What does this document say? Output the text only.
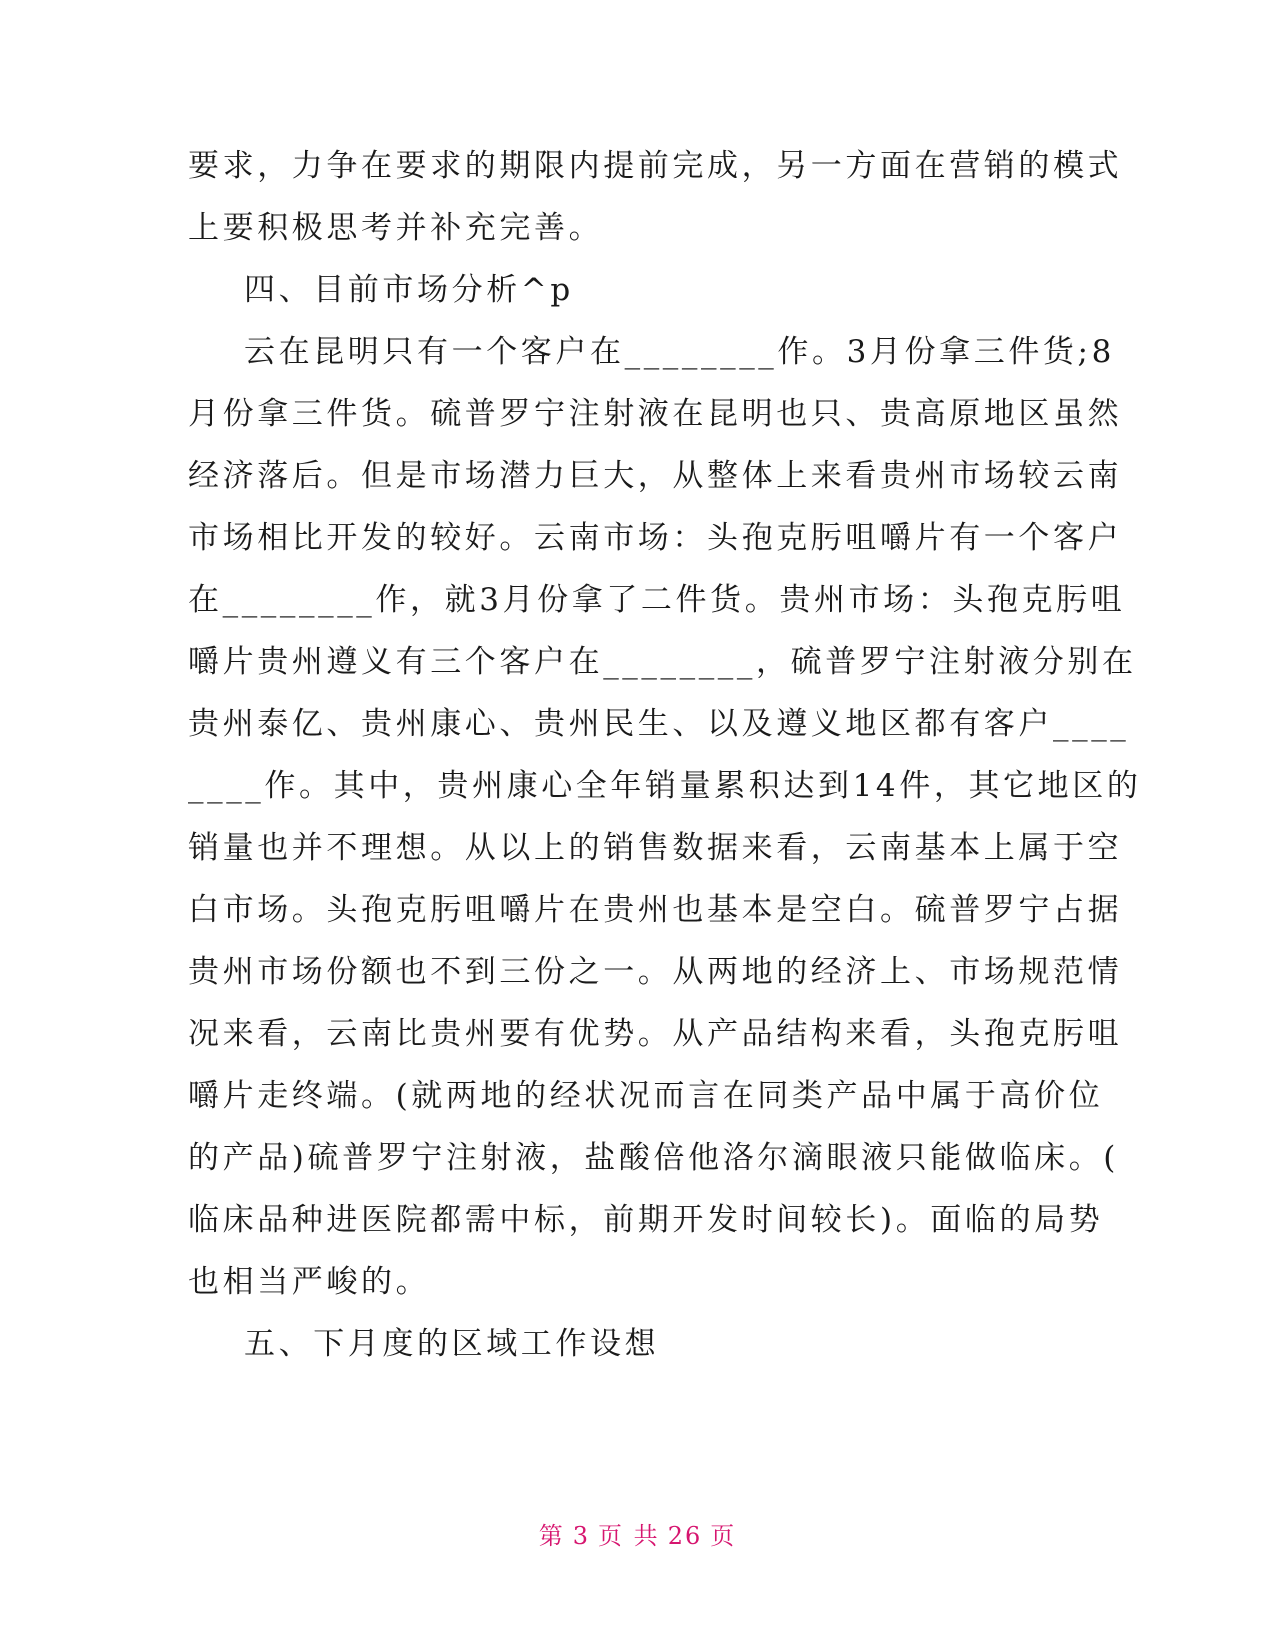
要求，力争在要求的期限内提前完成，另一方面在营销的模式
上要积极思考并补充完善。
四、目前市场分析^p
云在昆明只有一个客户在________作。3月份拿三件货;8
月份拿三件货。硫普罗宁注射液在昆明也只、贵高原地区虽然
经济落后。但是市场潜力巨大，从整体上来看贵州市场较云南
市场相比开发的较好。云南市场：头孢克肟咀嚼片有一个客户
在________作，就3月份拿了二件货。贵州市场：头孢克肟咀
嚼片贵州遵义有三个客户在________，硫普罗宁注射液分别在
贵州泰亿、贵州康心、贵州民生、以及遵义地区都有客户____
____作。其中，贵州康心全年销量累积达到14件，其它地区的
销量也并不理想。从以上的销售数据来看，云南基本上属于空
白市场。头孢克肟咀嚼片在贵州也基本是空白。硫普罗宁占据
贵州市场份额也不到三份之一。从两地的经济上、市场规范情
况来看，云南比贵州要有优势。从产品结构来看，头孢克肟咀
嚼片走终端。(就两地的经状况而言在同类产品中属于高价位
的产品)硫普罗宁注射液，盐酸倍他洛尔滴眼液只能做临床。(
临床品种进医院都需中标，前期开发时间较长)。面临的局势
也相当严峻的。
五、下月度的区域工作设想
第 3 页 共 26 页
